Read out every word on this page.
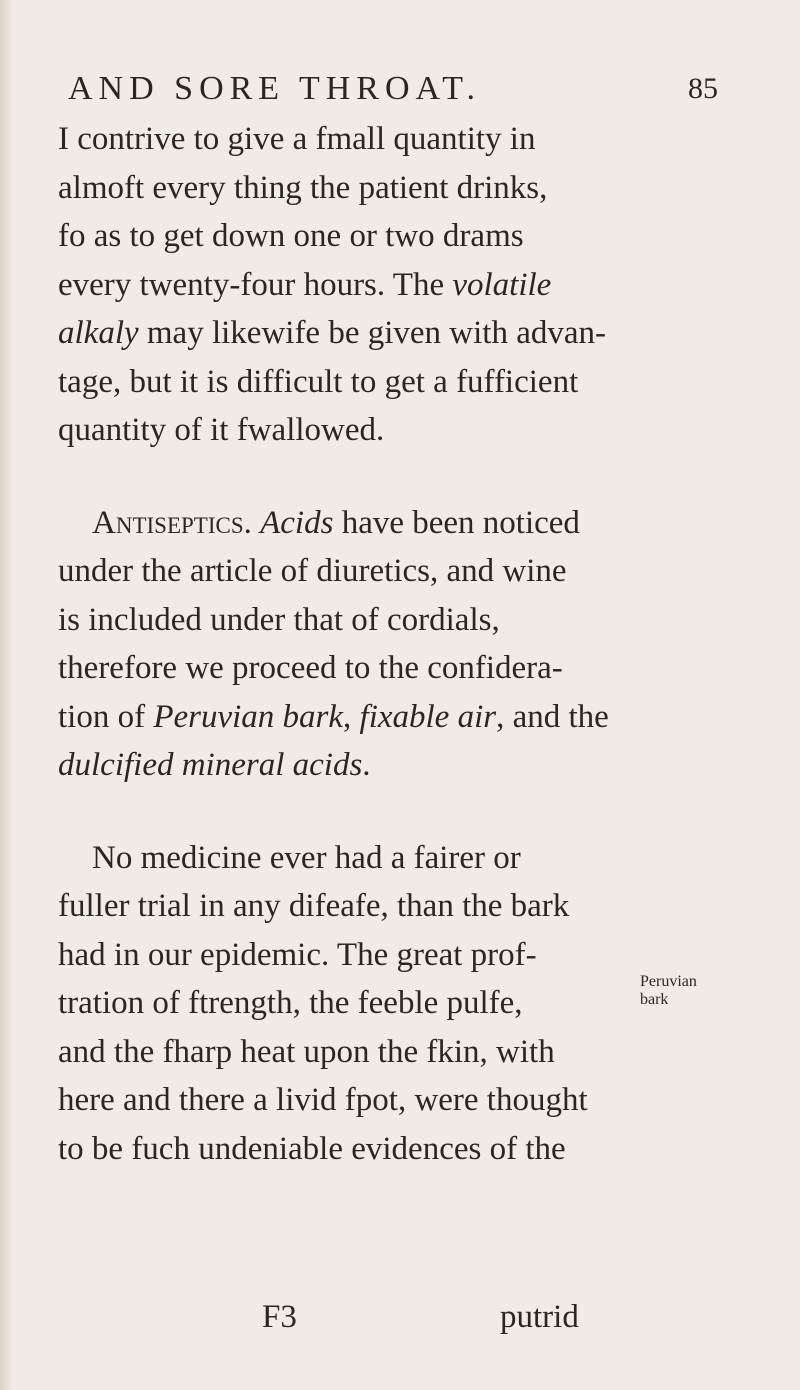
AND SORE THROAT.	85
I contrive to give a fmall quantity in
almoft every thing the patient drinks,
fo as to get down one or two drams
every twenty-four hours. The volatile
alkaly may likewife be given with advan-
tage, but it is difficult to get a fufficient
quantity of it fwallowed.
Antiseptics. Acids have been noticed
under the article of diuretics, and wine
is included under that of cordials,
therefore we proceed to the confidera-
tion of Peruvian bark, fixable air, and the
dulcified mineral acids.
No medicine ever had a fairer or
fuller trial in any difeafe, than the bark
had in our epidemic. The great prof-
tration of ftrength, the feeble pulfe,
and the fharp heat upon the fkin, with
here and there a livid fpot, were thought
to be fuch undeniable evidences of the
Peruvian
bark
F3	putrid
